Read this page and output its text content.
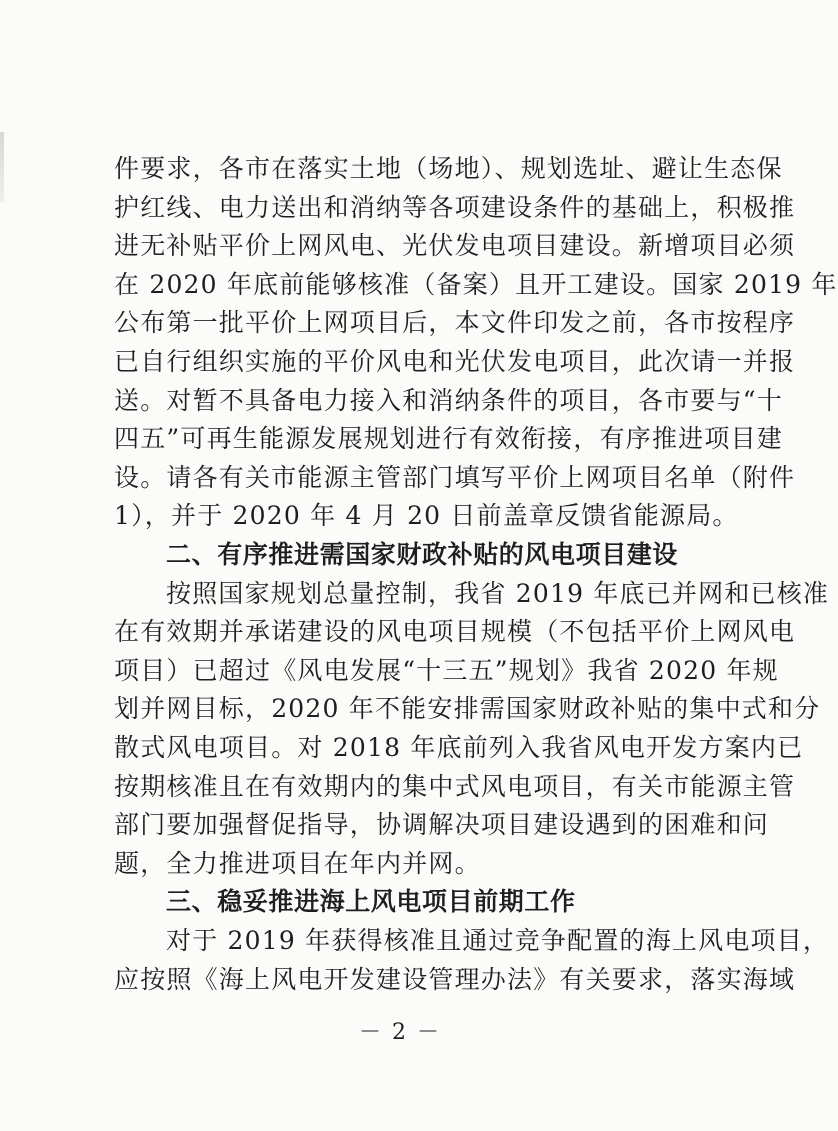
件要求，各市在落实土地（场地）、规划选址、避让生态保
护红线、电力送出和消纳等各项建设条件的基础上，积极推
进无补贴平价上网风电、光伏发电项目建设。新增项目必须
在 2020 年底前能够核准（备案）且开工建设。国家 2019 年
公布第一批平价上网项目后，本文件印发之前，各市按程序
已自行组织实施的平价风电和光伏发电项目，此次请一并报
送。对暂不具备电力接入和消纳条件的项目，各市要与“十
四五”可再生能源发展规划进行有效衔接，有序推进项目建
设。请各有关市能源主管部门填写平价上网项目名单（附件
1），并于 2020 年 4 月 20 日前盖章反馈省能源局。
二、有序推进需国家财政补贴的风电项目建设
按照国家规划总量控制，我省 2019 年底已并网和已核准
在有效期并承诺建设的风电项目规模（不包括平价上网风电
项目）已超过《风电发展“十三五”规划》我省 2020 年规
划并网目标，2020 年不能安排需国家财政补贴的集中式和分
散式风电项目。对 2018 年底前列入我省风电开发方案内已
按期核准且在有效期内的集中式风电项目，有关市能源主管
部门要加强督促指导，协调解决项目建设遇到的困难和问
题，全力推进项目在年内并网。
三、稳妥推进海上风电项目前期工作
对于 2019 年获得核准且通过竞争配置的海上风电项目，
应按照《海上风电开发建设管理办法》有关要求，落实海域
－ 2 －
